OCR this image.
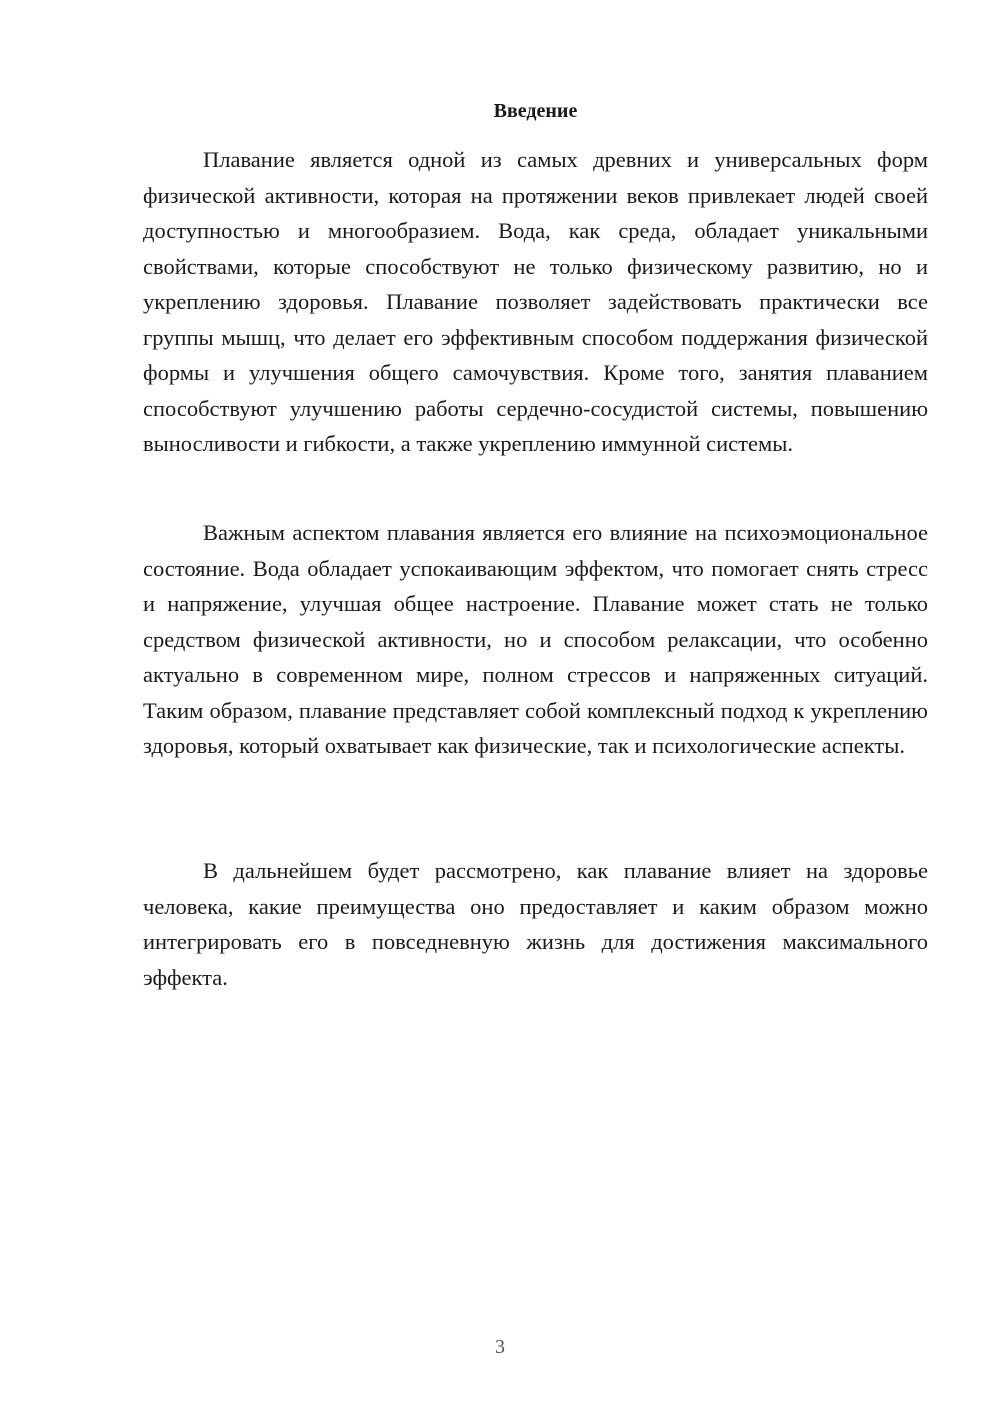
Введение

Плавание является одной из самых древних и универсальных форм физической активности, которая на протяжении веков привлекает людей своей доступностью и многообразием. Вода, как среда, обладает уникальными свойствами, которые способствуют не только физическому развитию, но и укреплению здоровья. Плавание позволяет задействовать практически все группы мышц, что делает его эффективным способом поддержания физической формы и улучшения общего самочувствия. Кроме того, занятия плаванием способствуют улучшению работы сердечно-сосудистой системы, повышению выносливости и гибкости, а также укреплению иммунной системы.

Важным аспектом плавания является его влияние на психоэмоциональное состояние. Вода обладает успокаивающим эффектом, что помогает снять стресс и напряжение, улучшая общее настроение. Плавание может стать не только средством физической активности, но и способом релаксации, что особенно актуально в современном мире, полном стрессов и напряженных ситуаций. Таким образом, плавание представляет собой комплексный подход к укреплению здоровья, который охватывает как физические, так и психологические аспекты.

В дальнейшем будет рассмотрено, как плавание влияет на здоровье человека, какие преимущества оно предоставляет и каким образом можно интегрировать его в повседневную жизнь для достижения максимального эффекта.

3
